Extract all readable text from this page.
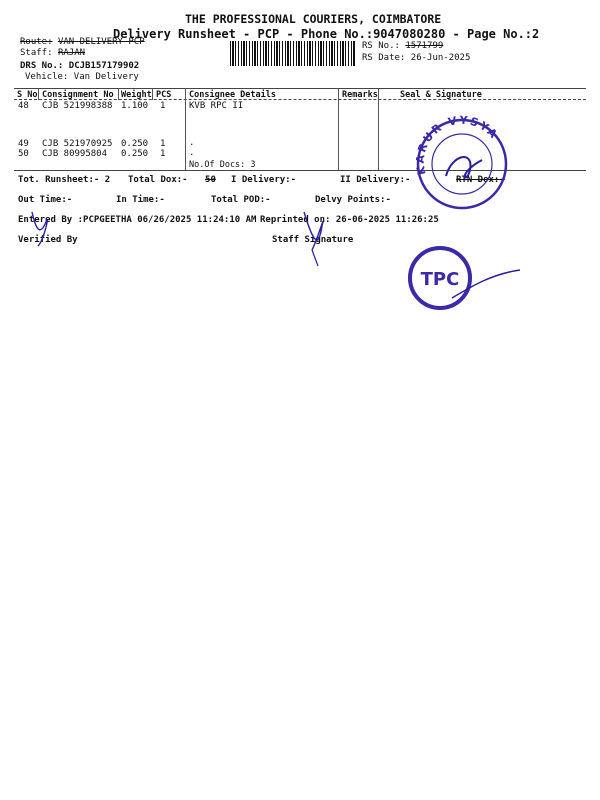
THE PROFESSIONAL COURIERS, COIMBATORE
Delivery Runsheet - PCP - Phone No.:9047080280 - Page No.:2
Route: VAN DELIVERY PCP
Staff: RAJAN
DRS No.: DCJB157179902
Vehicle: Van Delivery
RS No.: 1571799
RS Date: 26-Jun-2025
S No Consignment No Weight PCS Consignee Details	Remarks	Seal & Signature
48 CJB 521998388 1.100 1	KVB RPC II
49 CJB 521970925 0.250 1	.
50 CJB 80995804 0.250 1	.
No.Of Docs: 3
Tot. Runsheet:- 2 Total Dox:- 50 I Delivery:-	II Delivery:-	RTN Dox:-
Out Time:-	In Time:-	Total POD:-	Delvy Points:-
Entered By :PCPGEETHA 06/26/2025 11:24:10 AM Reprinted on: 26-06-2025 11:26:25
Verified By	Staff Signature
KARUR VYSYA
TPC
